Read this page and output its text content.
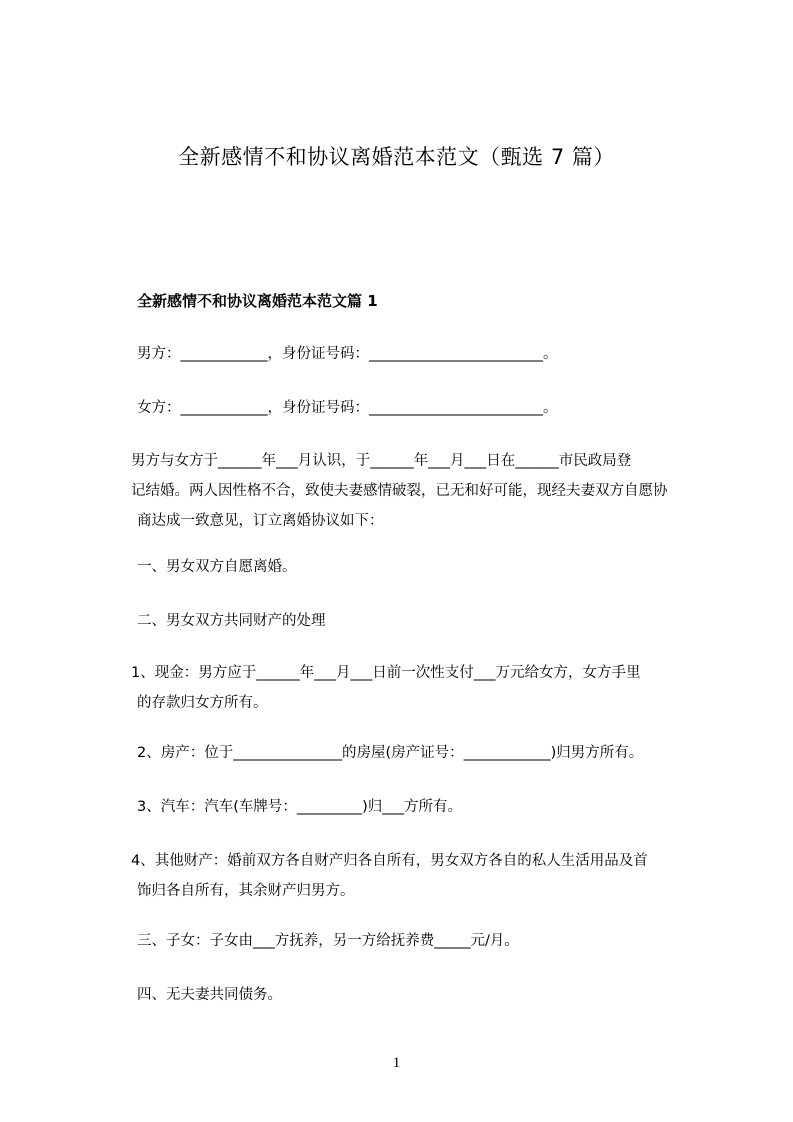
全新感情不和协议离婚范本范文（甄选 7 篇）
全新感情不和协议离婚范本范文篇 1
男方：____________，身份证号码：________________________。
女方：____________，身份证号码：________________________。

男方与女方于______年___月认识，于______年___月___日在______市民政局登

记结婚。两人因性格不合，致使夫妻感情破裂，已无和好可能，现经夫妻双方自愿协

商达成一致意见，订立离婚协议如下：

一、男女双方自愿离婚。
二、男女双方共同财产的处理

1、现金：男方应于______年___月___日前一次性支付___万元给女方，女方手里

的存款归女方所有。

2、房产：位于_______________的房屋(房产证号：____________)归男方所有。
3、汽车：汽车(车牌号：_________)归___方所有。

4、其他财产：婚前双方各自财产归各自所有，男女双方各自的私人生活用品及首

饰归各自所有，其余财产归男方。

三、子女：子女由___方抚养，另一方给抚养费_____元/月。
四、无夫妻共同债务。
1
